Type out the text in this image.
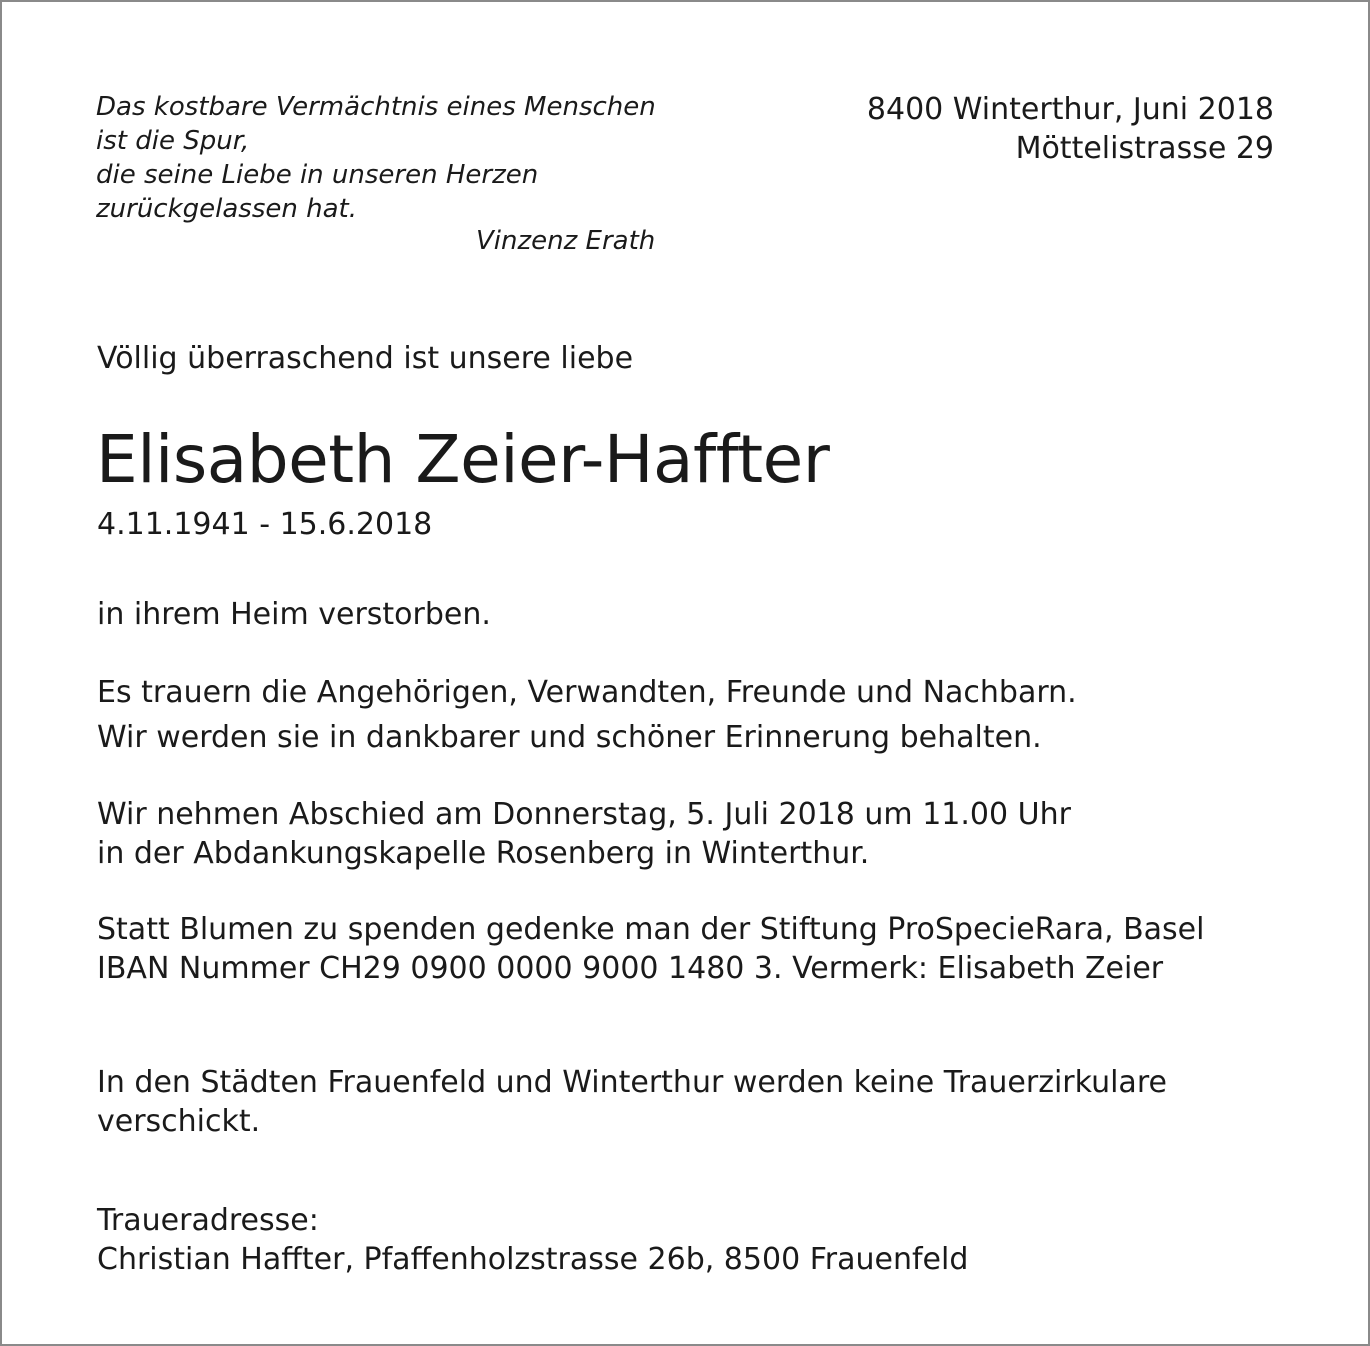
Das kostbare Vermächtnis eines Menschen
ist die Spur,
die seine Liebe in unseren Herzen
zurückgelassen hat.
Vinzenz Erath
8400 Winterthur, Juni 2018
Möttelistrasse 29
Völlig überraschend ist unsere liebe
Elisabeth Zeier-Haffter
4.11.1941 - 15.6.2018
in ihrem Heim verstorben.
Es trauern die Angehörigen, Verwandten, Freunde und Nachbarn.
Wir werden sie in dankbarer und schöner Erinnerung behalten.
Wir nehmen Abschied am Donnerstag, 5. Juli 2018 um 11.00 Uhr
in der Abdankungskapelle Rosenberg in Winterthur.
Statt Blumen zu spenden gedenke man der Stiftung ProSpecieRara, Basel
IBAN Nummer CH29 0900 0000 9000 1480 3. Vermerk: Elisabeth Zeier
In den Städten Frauenfeld und Winterthur werden keine Trauerzirkulare
verschickt.
Traueradresse:
Christian Haffter, Pfaffenholzstrasse 26b, 8500 Frauenfeld
